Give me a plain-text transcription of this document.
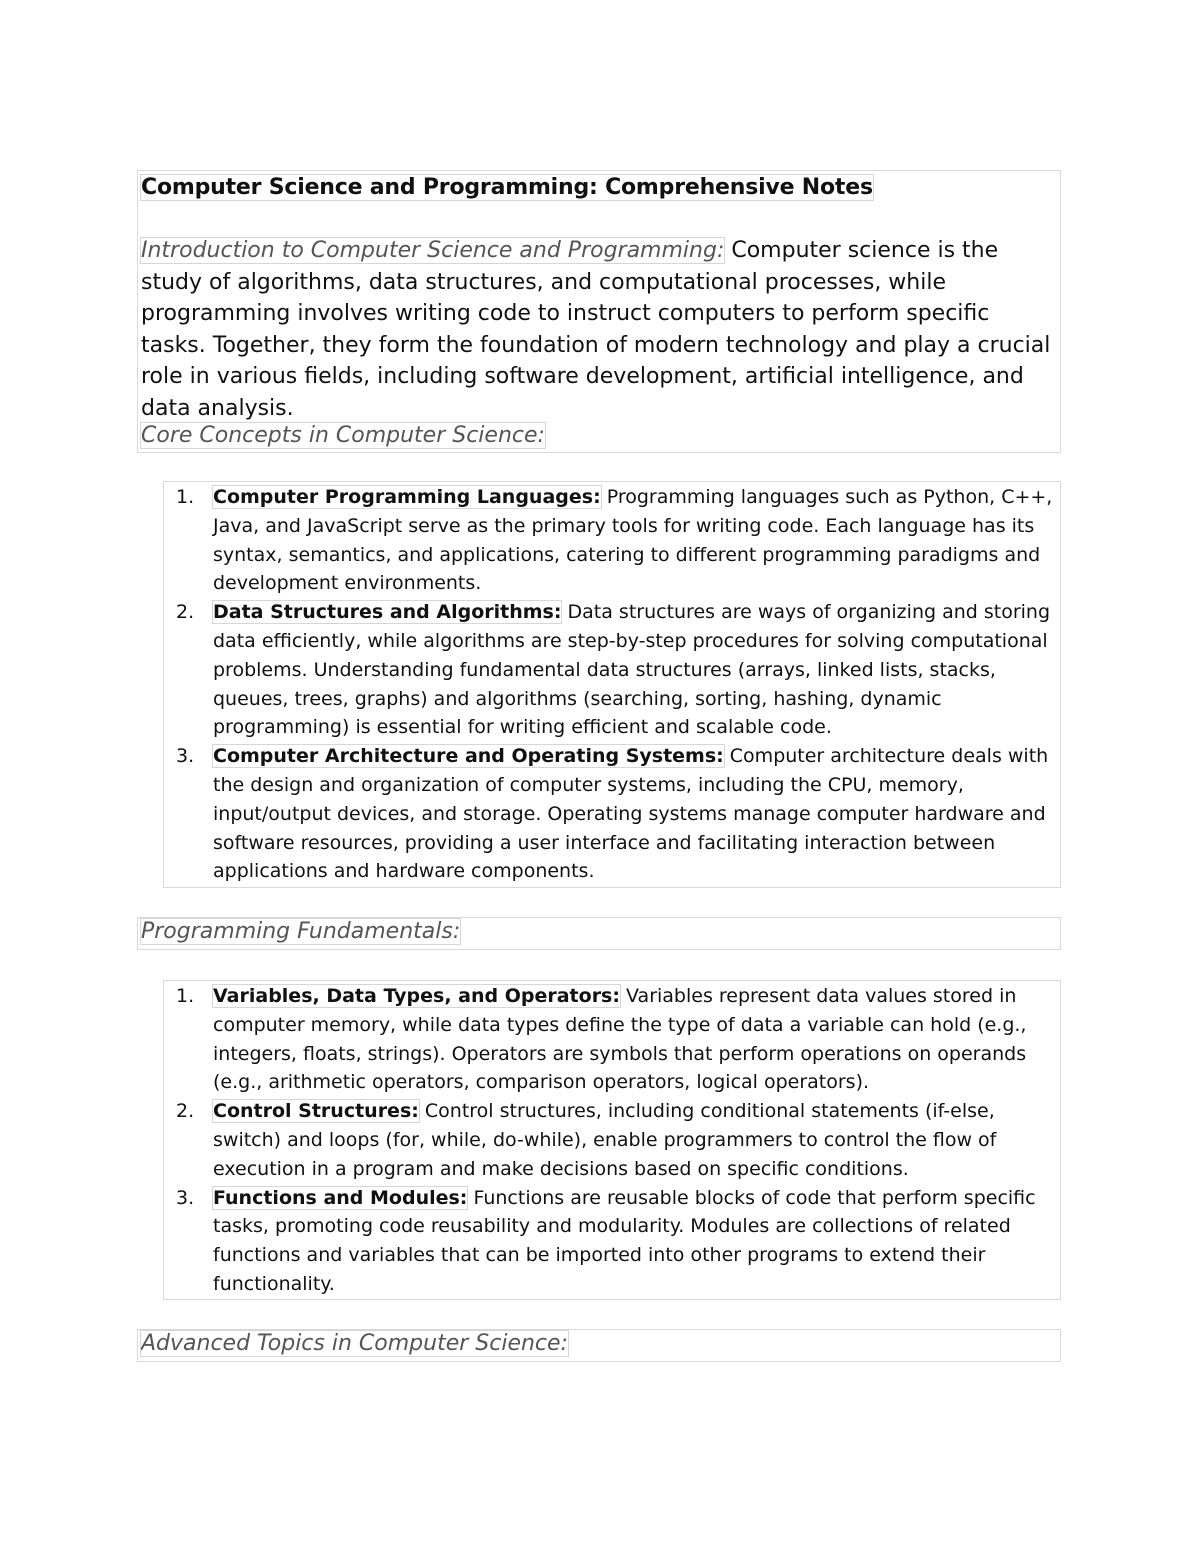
Computer Science and Programming: Comprehensive Notes

Introduction to Computer Science and Programming: Computer science is the study of algorithms, data structures, and computational processes, while programming involves writing code to instruct computers to perform specific tasks. Together, they form the foundation of modern technology and play a crucial role in various fields, including software development, artificial intelligence, and data analysis.

Core Concepts in Computer Science:
1. Computer Programming Languages: Programming languages such as Python, C++, Java, and JavaScript serve as the primary tools for writing code. Each language has its syntax, semantics, and applications, catering to different programming paradigms and development environments.
2. Data Structures and Algorithms: Data structures are ways of organizing and storing data efficiently, while algorithms are step-by-step procedures for solving computational problems. Understanding fundamental data structures (arrays, linked lists, stacks, queues, trees, graphs) and algorithms (searching, sorting, hashing, dynamic programming) is essential for writing efficient and scalable code.
3. Computer Architecture and Operating Systems: Computer architecture deals with the design and organization of computer systems, including the CPU, memory, input/output devices, and storage. Operating systems manage computer hardware and software resources, providing a user interface and facilitating interaction between applications and hardware components.
Programming Fundamentals:
1. Variables, Data Types, and Operators: Variables represent data values stored in computer memory, while data types define the type of data a variable can hold (e.g., integers, floats, strings). Operators are symbols that perform operations on operands (e.g., arithmetic operators, comparison operators, logical operators).
2. Control Structures: Control structures, including conditional statements (if-else, switch) and loops (for, while, do-while), enable programmers to control the flow of execution in a program and make decisions based on specific conditions.
3. Functions and Modules: Functions are reusable blocks of code that perform specific tasks, promoting code reusability and modularity. Modules are collections of related functions and variables that can be imported into other programs to extend their functionality.
Advanced Topics in Computer Science:
